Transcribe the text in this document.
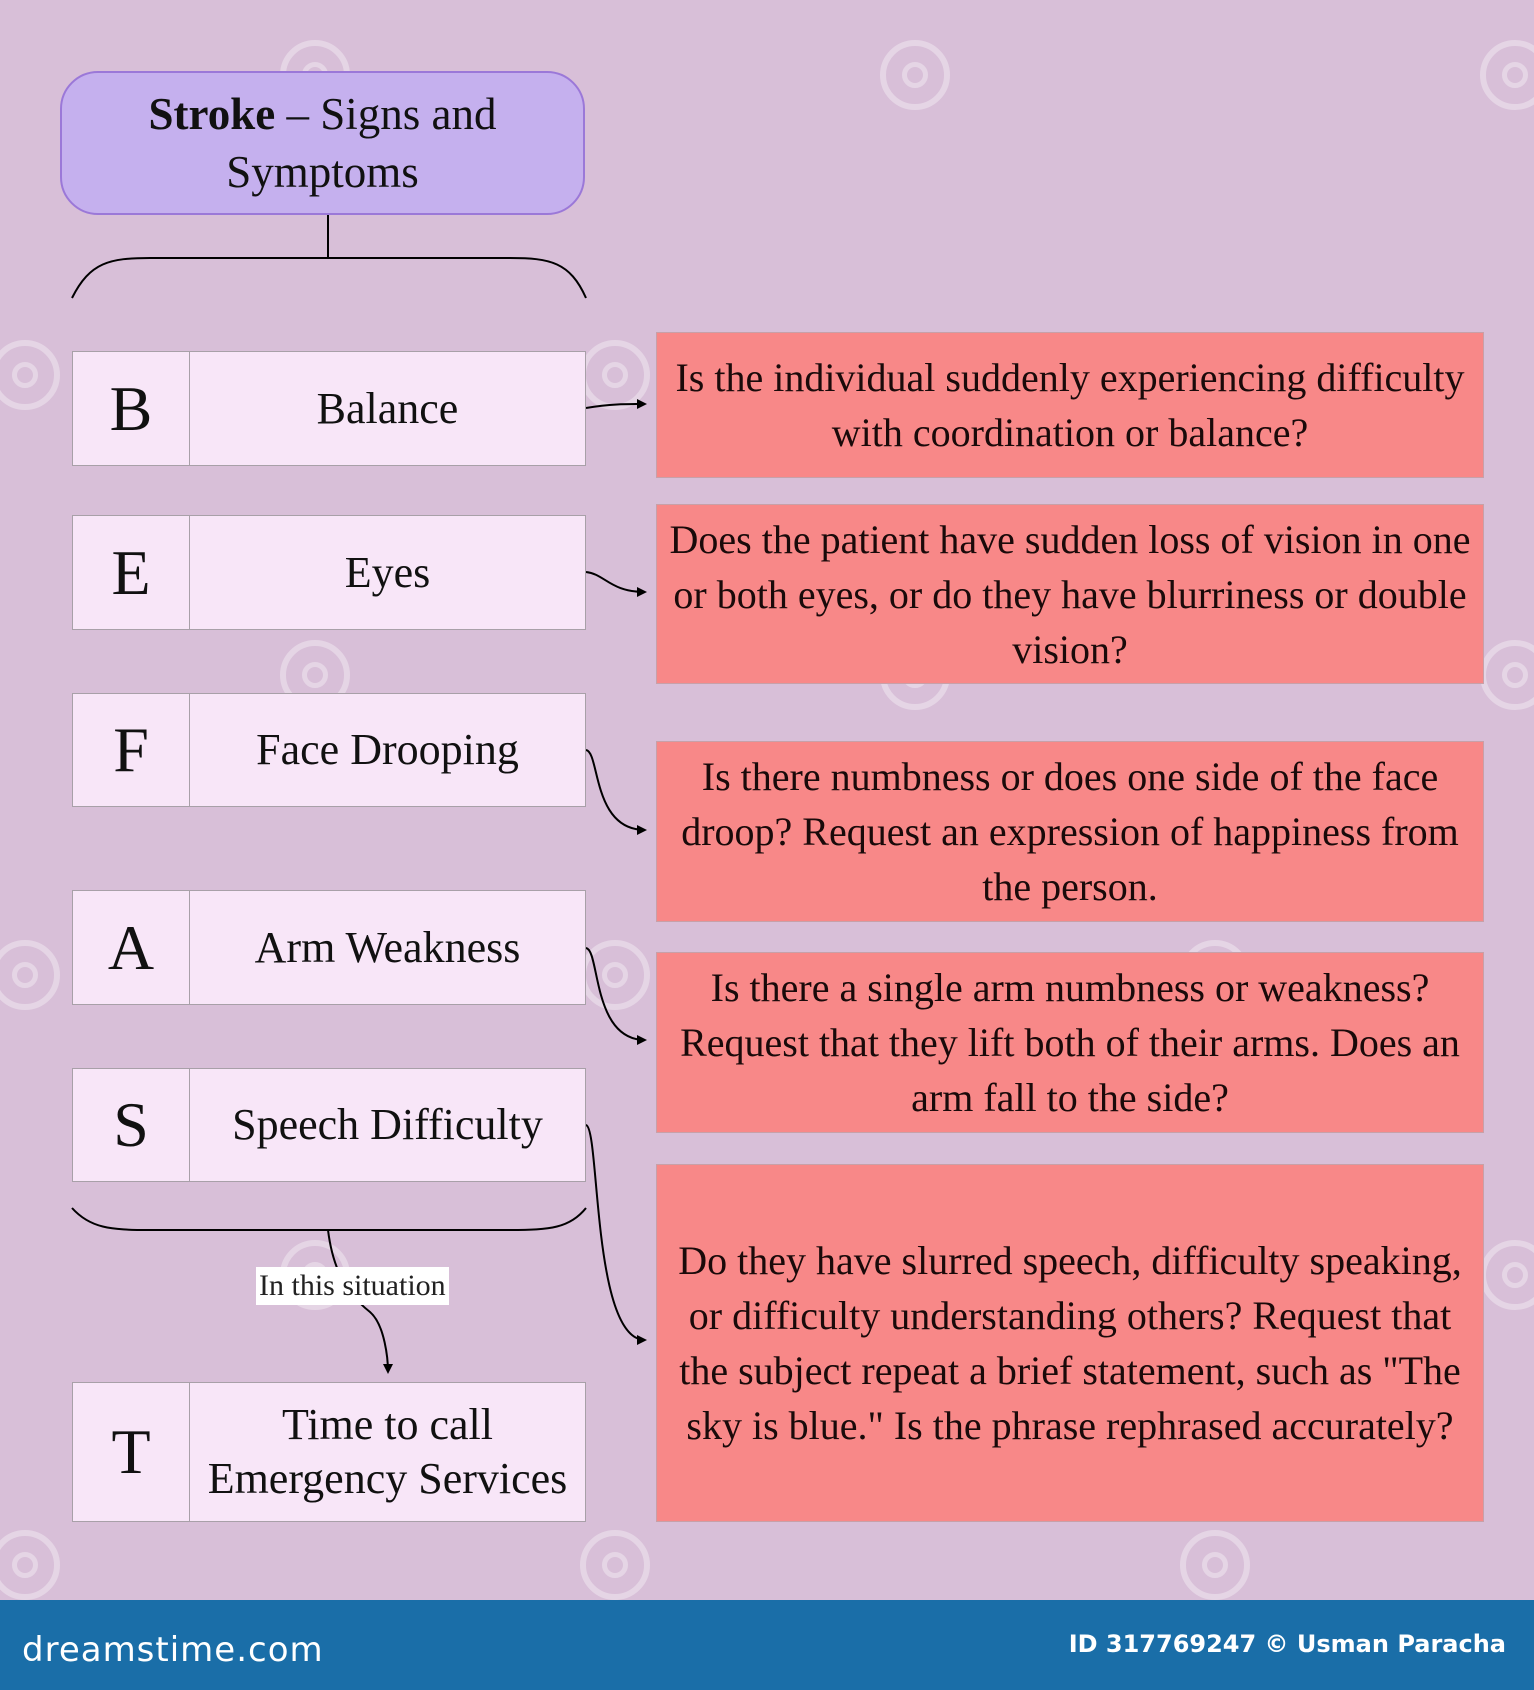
Stroke – Signs and Symptoms
B	Balance
E	Eyes
F	Face Drooping
A	Arm Weakness
S	Speech Difficulty
Is the individual suddenly experiencing difficulty with coordination or balance?
Does the patient have sudden loss of vision in one or both eyes, or do they have blurriness or double vision?
Is there numbness or does one side of the face droop? Request an expression of happiness from the person.
Is there a single arm numbness or weakness? Request that they lift both of their arms. Does an arm fall to the side?
Do they have slurred speech, difficulty speaking, or difficulty understanding others? Request that the subject repeat a brief statement, such as "The sky is blue." Is the phrase rephrased accurately?
In this situation
T	Time to call
Emergency Services
dreamstime.com	ID 317769247 © Usman Paracha
